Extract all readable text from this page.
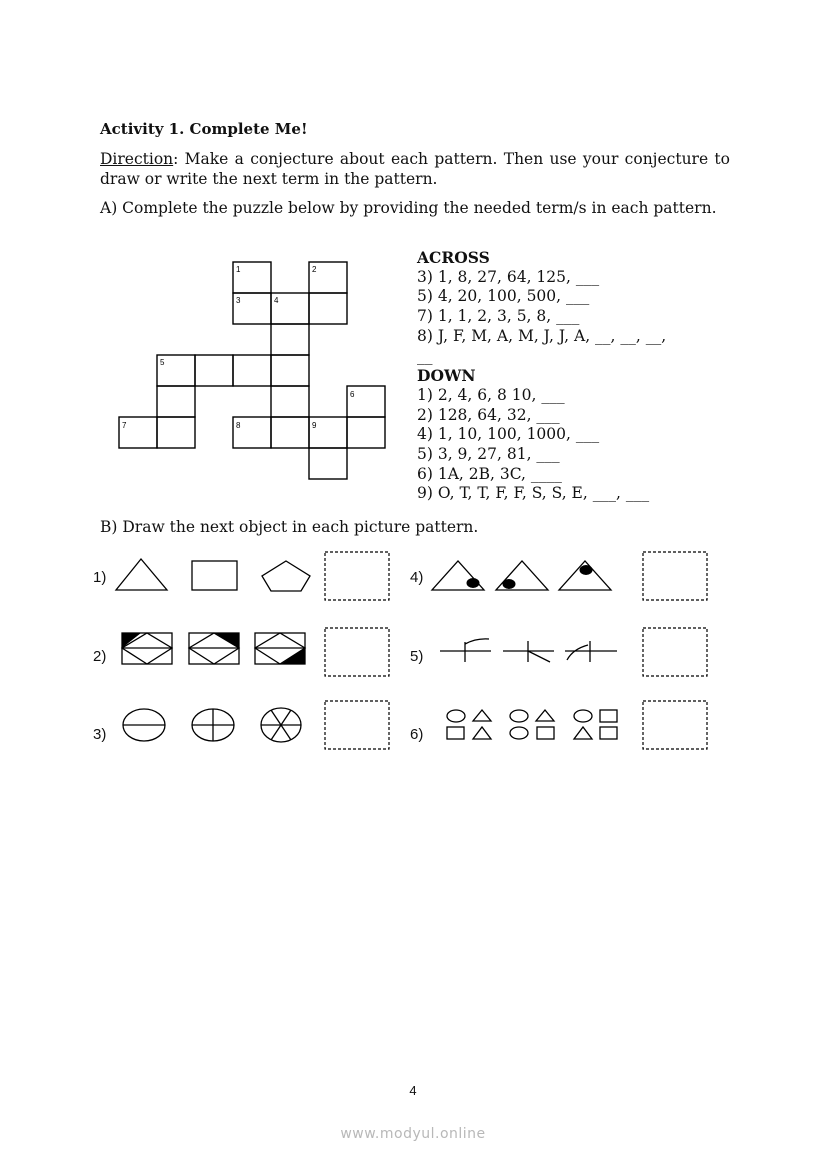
Activity 1. Complete Me!
Direction: Make a conjecture about each pattern. Then use your conjecture to draw or write the next term in the pattern.
A) Complete the puzzle below by providing the needed term/s in each pattern.
1	2
3	4
5
6
7	8	9
ACROSS
3) 1, 8, 27, 64, 125, ___
5) 4, 20, 100, 500, ___
7) 1, 1, 2, 3, 5, 8, ___
8) J, F, M, A, M, J, J, A, __, __, __,
__
DOWN
1) 2, 4, 6, 8 10, ___
2) 128, 64, 32, ___
4) 1, 10, 100, 1000, ___
5) 3, 9, 27, 81, ___
6) 1A, 2B, 3C, ____
9) O, T, T, F, F, S, S, E, ___, ___
B) Draw the next object in each picture pattern.
1)
2)
3)
4)
5)
6)
4
www.modyul.online
